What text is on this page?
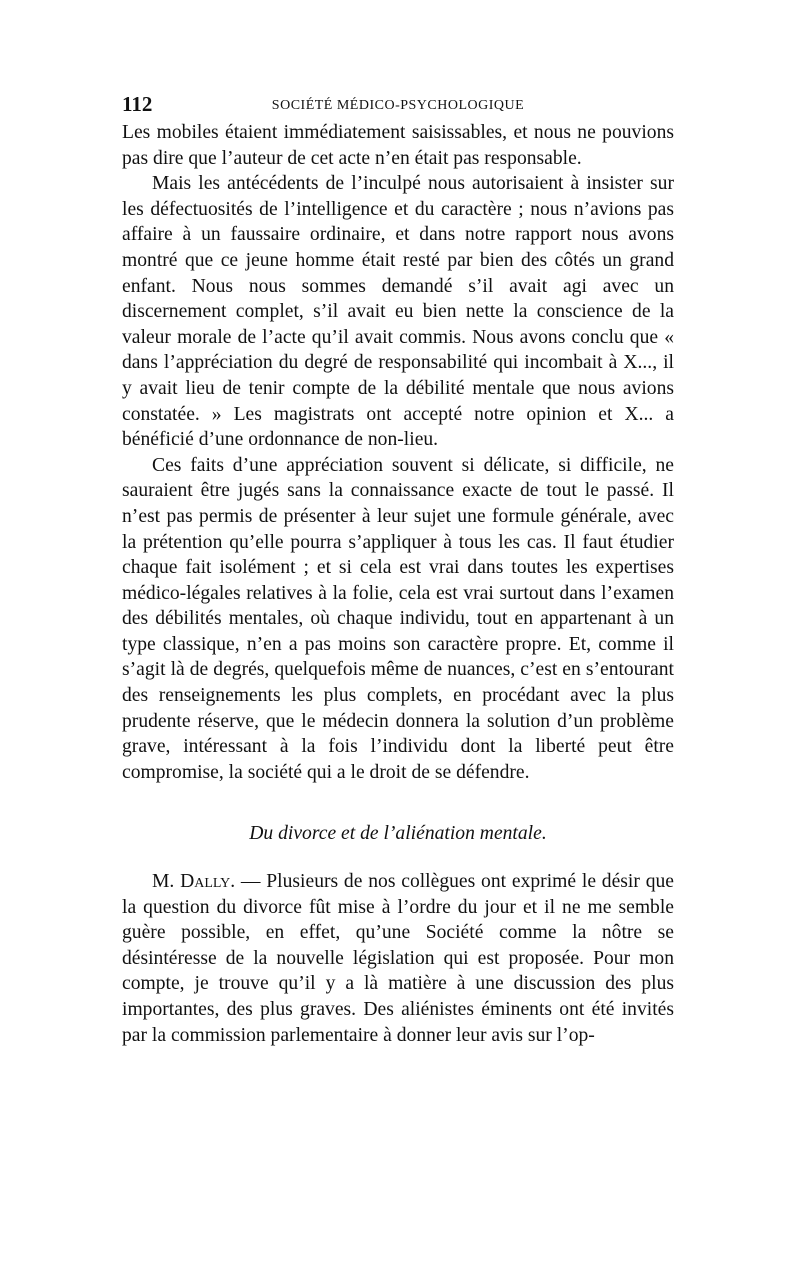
112	SOCIÉTÉ MÉDICO-PSYCHOLOGIQUE

Les mobiles étaient immédiatement saisissables, et nous ne pouvions pas dire que l’auteur de cet acte n’en était pas responsable.

Mais les antécédents de l’inculpé nous autorisaient à insister sur les défectuosités de l’intelligence et du caractère ; nous n’avions pas affaire à un faussaire ordinaire, et dans notre rapport nous avons montré que ce jeune homme était resté par bien des côtés un grand enfant. Nous nous sommes demandé s’il avait agi avec un discernement complet, s’il avait eu bien nette la conscience de la valeur morale de l’acte qu’il avait commis. Nous avons conclu que « dans l’appréciation du degré de responsabilité qui incombait à X..., il y avait lieu de tenir compte de la débilité mentale que nous avions constatée. » Les magistrats ont accepté notre opinion et X... a bénéficié d’une ordonnance de non-lieu.

Ces faits d’une appréciation souvent si délicate, si difficile, ne sauraient être jugés sans la connaissance exacte de tout le passé. Il n’est pas permis de présenter à leur sujet une formule générale, avec la prétention qu’elle pourra s’appliquer à tous les cas. Il faut étudier chaque fait isolément ; et si cela est vrai dans toutes les expertises médico-légales relatives à la folie, cela est vrai surtout dans l’examen des débilités mentales, où chaque individu, tout en appartenant à un type classique, n’en a pas moins son caractère propre. Et, comme il s’agit là de degrés, quelquefois même de nuances, c’est en s’entourant des renseignements les plus complets, en procédant avec la plus prudente réserve, que le médecin donnera la solution d’un problème grave, intéressant à la fois l’individu dont la liberté peut être compromise, la société qui a le droit de se défendre.

Du divorce et de l’aliénation mentale.

M. Dally. — Plusieurs de nos collègues ont exprimé le désir que la question du divorce fût mise à l’ordre du jour et il ne me semble guère possible, en effet, qu’une Société comme la nôtre se désintéresse de la nouvelle législation qui est proposée. Pour mon compte, je trouve qu’il y a là matière à une discussion des plus importantes, des plus graves. Des aliénistes éminents ont été invités par la commission parlementaire à donner leur avis sur l’op-
